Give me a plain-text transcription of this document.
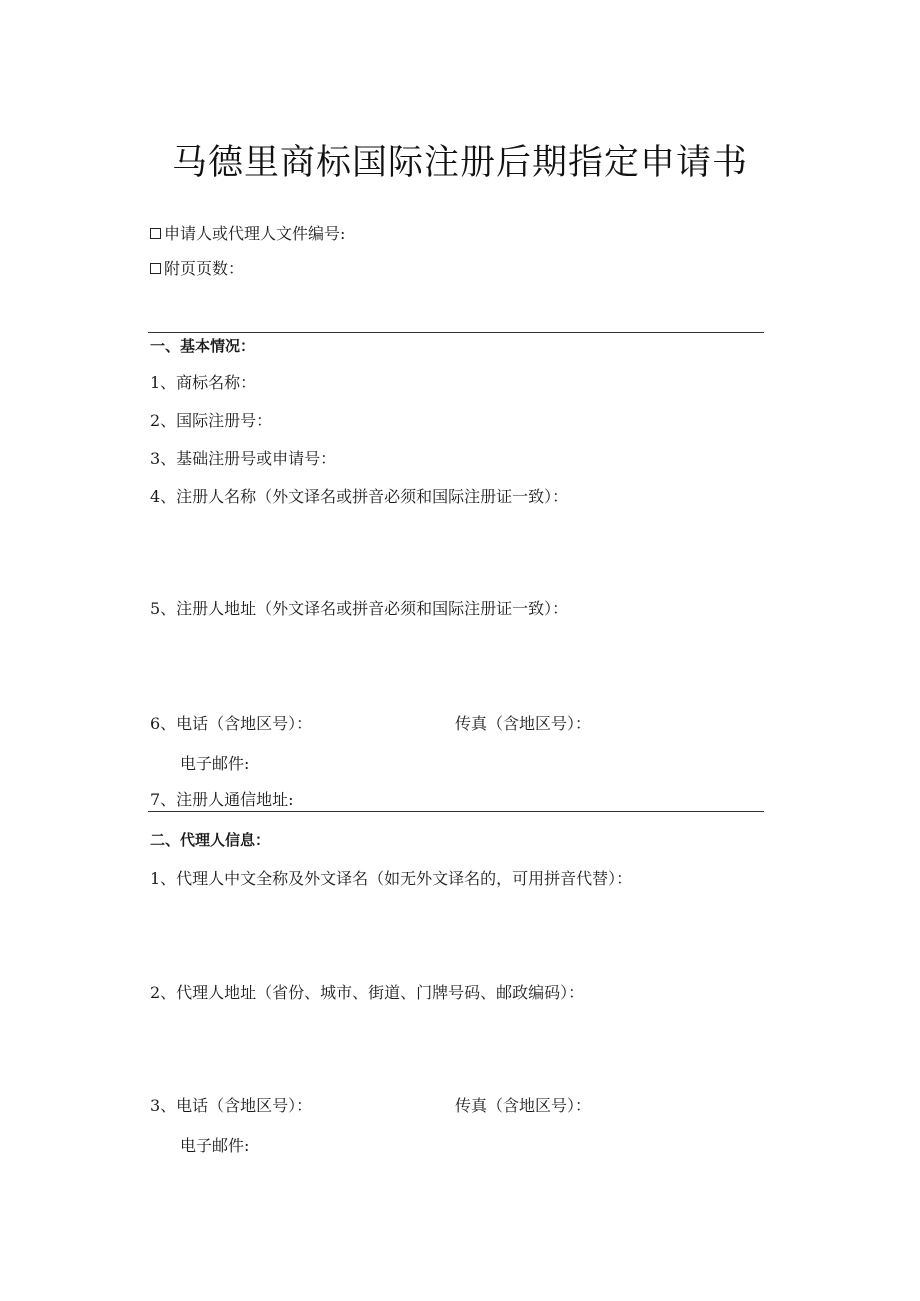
马德里商标国际注册后期指定申请书
申请人或代理人文件编号:
附页页数：
一、基本情况：
1、商标名称：
2、国际注册号：
3、基础注册号或申请号：
4、注册人名称（外文译名或拼音必须和国际注册证一致）：
5、注册人地址（外文译名或拼音必须和国际注册证一致）：
6、电话（含地区号）：	传真（含地区号）：
电子邮件:
7、注册人通信地址:
二、代理人信息：
1、代理人中文全称及外文译名（如无外文译名的，可用拼音代替）：
2、代理人地址（省份、城市、街道、门牌号码、邮政编码）：
3、电话（含地区号）：	传真（含地区号）：
电子邮件:
